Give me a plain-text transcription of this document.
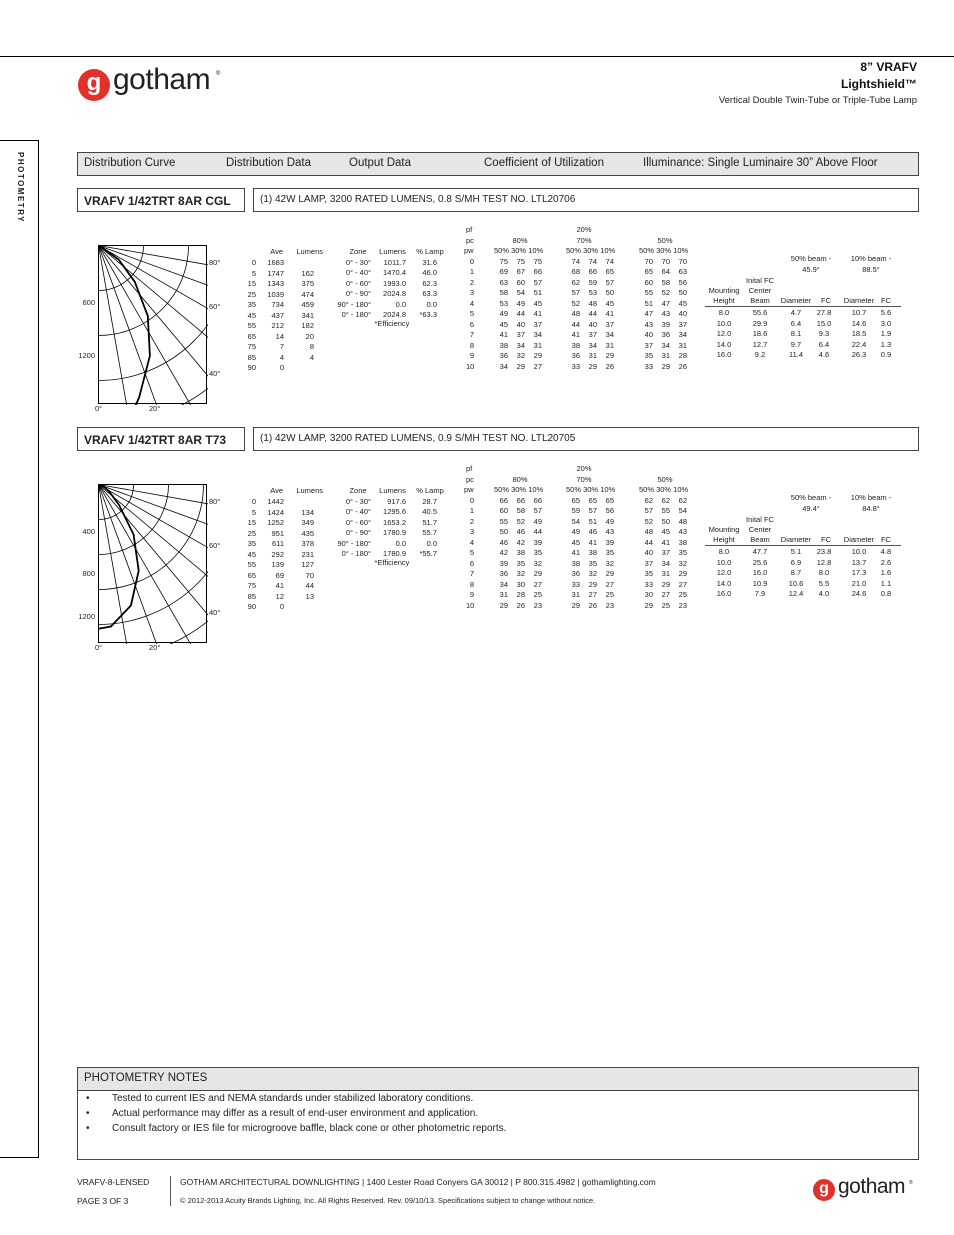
g gotham ®	8” VRAFV
Lightshield™
Vertical Double Twin-Tube or Triple-Tube Lamp
PHOTOMETRY	Distribution Curve	Distribution Data	Output Data	Coefficient of Utilization	Illuminance: Single Luminaire 30” Above Floor
VRAFV 1/42TRT 8AR CGL	(1) 42W LAMP, 3200 RATED LUMENS, 0.8 S/MH TEST NO. LTL20706
600
1200
80°
60°
40°
0°	20°
Ave	Lumens
0	1683
5	1747	162
15	1343	375
25	1039	474
35	734	459
45	437	341
55	212	182
65	14	20
75	7	8
85	4	4
90	0
Zone	Lumens	% Lamp
0° - 30°	1011.7	31.6
0° - 40°	1470.4	46.0
0° - 60°	1993.0	62.3
0° - 90°	2024.8	63.3
90° - 180°	0.0	0.0
0° - 180°	2024.8	*63.3
*Efficiency
pf
pc
pw
20%
80%	70%	50%
50% 30% 10%	50% 30% 10%	50% 30% 10%
0	75	75	75	74	74	74	70	70	70
1	69	67	66	68	66	65	65	64	63
2	63	60	57	62	59	57	60	58	56
3	58	54	51	57	53	50	55	52	50
4	53	49	45	52	48	45	51	47	45
5	49	44	41	48	44	41	47	43	40
6	45	40	37	44	40	37	43	39	37
7	41	37	34	41	37	34	40	36	34
8	38	34	31	38	34	31	37	34	31
9	36	32	29	36	31	29	35	31	28
10	34	29	27	33	29	26	33	29	26
50% beam -
45.9°
10% beam -
88.5°
Inital FC
Mounting	Center
Height	Beam	Diameter	FC	Diameter FC
8.0	55.6	4.7	27.8	10.7	5.6
10.0	29.9	6.4	15.0	14.6	3.0
12.0	18.6	8.1	9.3	18.5	1.9
14.0	12.7	9.7	6.4	22.4	1.3
16.0	9.2	11.4	4.6	26.3	0.9
VRAFV 1/42TRT 8AR T73	(1) 42W LAMP, 3200 RATED LUMENS, 0.9 S/MH TEST NO. LTL20705
400
800
1200
80°
60°
40°
0°	20°
Ave	Lumens
0	1442
5	1424	134
15	1252	349
25	951	435
35	611	378
45	292	231
55	139	127
65	69	70
75	41	44
85	12	13
90	0
Zone	Lumens	% Lamp
0° - 30°	917.6	28.7
0° - 40°	1295.6	40.5
0° - 60°	1653.2	51.7
0° - 90°	1780.9	55.7
90° - 180°	0.0	0.0
0° - 180°	1780.9	*55.7
*Efficiency
pf
pc
pw
20%
80%	70%	50%
50% 30% 10%	50% 30% 10%	50% 30% 10%
0	66	66	66	65	65	65	62	62	62
1	60	58	57	59	57	56	57	55	54
2	55	52	49	54	51	49	52	50	48
3	50	46	44	49	46	43	48	45	43
4	46	42	39	45	41	39	44	41	38
5	42	38	35	41	38	35	40	37	35
6	39	35	32	38	35	32	37	34	32
7	36	32	29	36	32	29	35	31	29
8	34	30	27	33	29	27	33	29	27
9	31	28	25	31	27	25	30	27	25
10	29	26	23	29	26	23	29	25	23
50% beam -
49.4°
10% beam -
84.8°
Inital FC
Mounting	Center
Height	Beam	Diameter	FC	Diameter FC
8.0	47.7	5.1	23.8	10.0	4.8
10.0	25.6	6.9	12.8	13.7	2.6
12.0	16.0	8.7	8.0	17.3	1.6
14.0	10.9	10.6	5.5	21.0	1.1
16.0	7.9	12.4	4.0	24.6	0.8
PHOTOMETRY NOTES
• Tested to current IES and NEMA standards under stabilized laboratory conditions.
• Actual performance may differ as a result of end-user environment and application.
• Consult factory or IES file for microgroove baffle, black cone or other photometric reports.
VRAFV-8-LENSED
PAGE 3 OF 3
GOTHAM ARCHITECTURAL DOWNLIGHTING | 1400 Lester Road Conyers GA 30012 | P 800.315.4982 | gothamlighting.com
© 2012-2013 Acuity Brands Lighting, Inc. All Rights Reserved. Rev. 09/10/13. Specifications subject to change without notice.
g gotham ®
